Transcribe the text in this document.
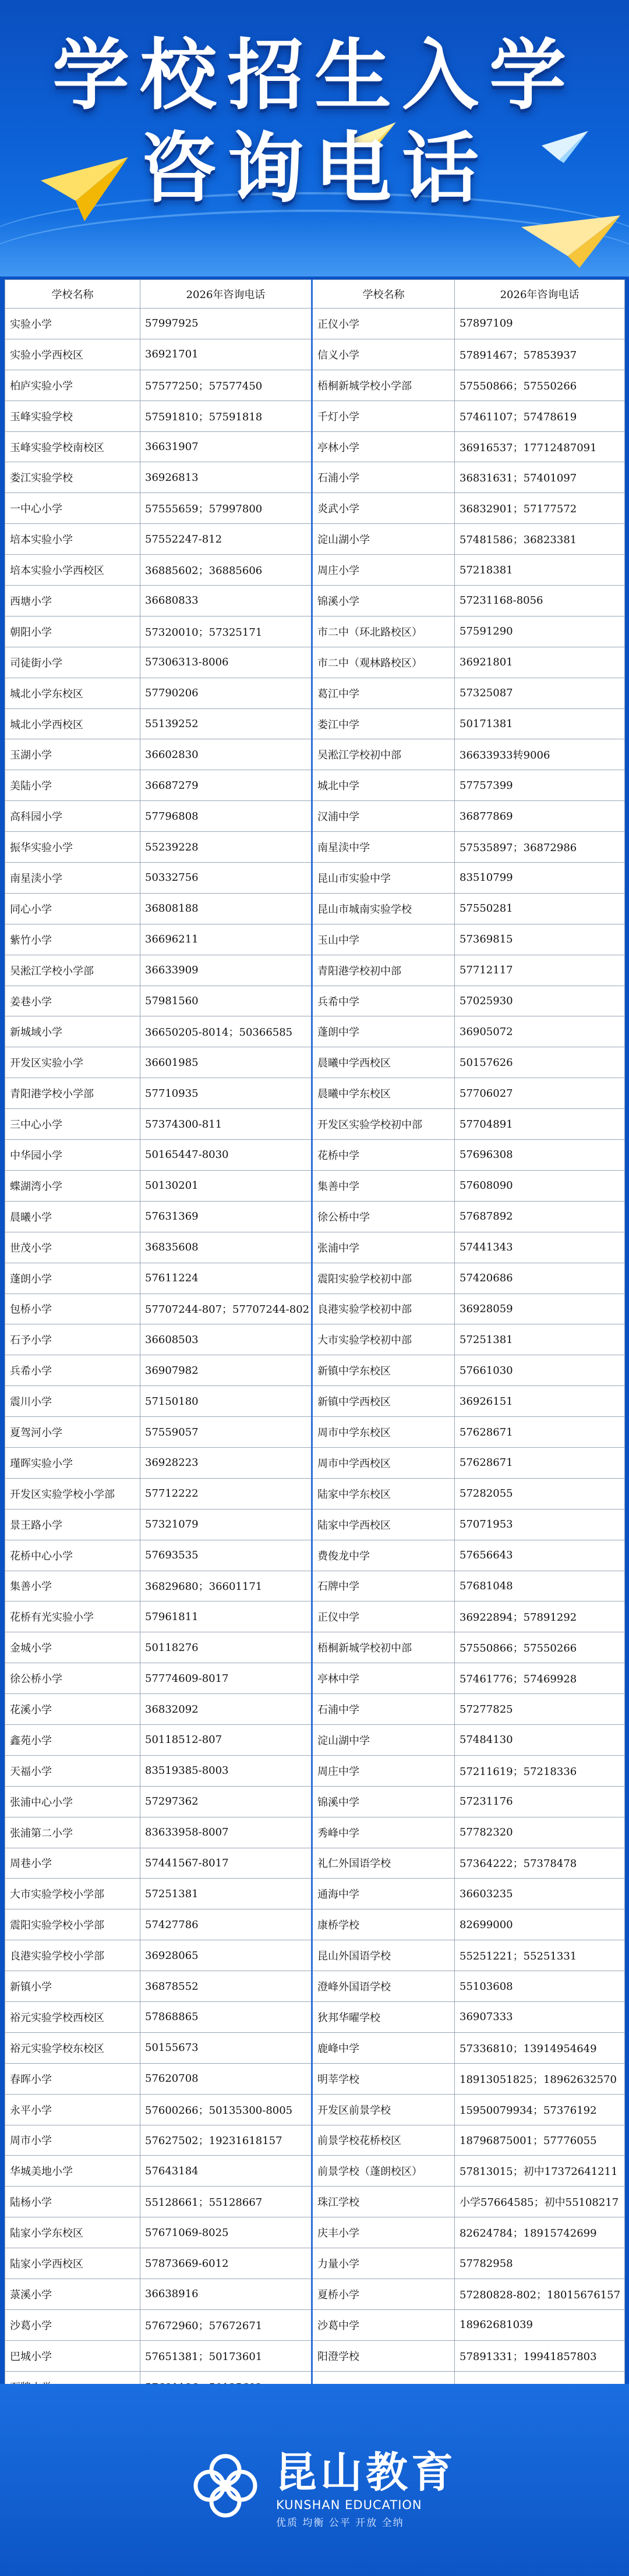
学校招生入学
咨询电话
学校名称	2026年咨询电话	学校名称	2026年咨询电话
实验小学	57997925	正仪小学	57897109
实验小学西校区	36921701	信义小学	57891467；57853937
柏庐实验小学	57577250；57577450	梧桐新城学校小学部	57550866；57550266
玉峰实验学校	57591810；57591818	千灯小学	57461107；57478619
玉峰实验学校南校区	36631907	亭林小学	36916537；17712487091
娄江实验学校	36926813	石浦小学	36831631；57401097
一中心小学	57555659；57997800	炎武小学	36832901；57177572
培本实验小学	57552247-812	淀山湖小学	57481586；36823381
培本实验小学西校区	36885602；36885606	周庄小学	57218381
西塘小学	36680833	锦溪小学	57231168-8056
朝阳小学	57320010；57325171	市二中（环北路校区）	57591290
司徒街小学	57306313-8006	市二中（观林路校区）	36921801
城北小学东校区	57790206	葛江中学	57325087
城北小学西校区	55139252	娄江中学	50171381
玉湖小学	36602830	吴淞江学校初中部	36633933转9006
美陆小学	36687279	城北中学	57757399
高科园小学	57796808	汉浦中学	36877869
振华实验小学	55239228	南星渎中学	57535897；36872986
南星渎小学	50332756	昆山市实验中学	83510799
同心小学	36808188	昆山市城南实验学校	57550281
紫竹小学	36696211	玉山中学	57369815
吴淞江学校小学部	36633909	青阳港学校初中部	57712117
姜巷小学	57981560	兵希中学	57025930
新城域小学	36650205-8014；50366585	蓬朗中学	36905072
开发区实验小学	36601985	晨曦中学西校区	50157626
青阳港学校小学部	57710935	晨曦中学东校区	57706027
三中心小学	57374300-811	开发区实验学校初中部	57704891
中华园小学	50165447-8030	花桥中学	57696308
蝶湖湾小学	50130201	集善中学	57608090
晨曦小学	57631369	徐公桥中学	57687892
世茂小学	36835608	张浦中学	57441343
蓬朗小学	57611224	震阳实验学校初中部	57420686
包桥小学	57707244-807；57707244-802	良港实验学校初中部	36928059
石予小学	36608503	大市实验学校初中部	57251381
兵希小学	36907982	新镇中学东校区	57661030
震川小学	57150180	新镇中学西校区	36926151
夏驾河小学	57559057	周市中学东校区	57628671
瑾晖实验小学	36928223	周市中学西校区	57628671
开发区实验学校小学部	57712222	陆家中学东校区	57282055
景王路小学	57321079	陆家中学西校区	57071953
花桥中心小学	57693535	费俊龙中学	57656643
集善小学	36829680；36601171	石牌中学	57681048
花桥有光实验小学	57961811	正仪中学	36922894；57891292
金城小学	50118276	梧桐新城学校初中部	57550866；57550266
徐公桥小学	57774609-8017	亭林中学	57461776；57469928
花溪小学	36832092	石浦中学	57277825
鑫苑小学	50118512-807	淀山湖中学	57484130
天福小学	83519385-8003	周庄中学	57211619；57218336
张浦中心小学	57297362	锦溪中学	57231176
张浦第二小学	83633958-8007	秀峰中学	57782320
周巷小学	57441567-8017	礼仁外国语学校	57364222；57378478
大市实验学校小学部	57251381	通海中学	36603235
震阳实验学校小学部	57427786	康桥学校	82699000
良港实验学校小学部	36928065	昆山外国语学校	55251221；55251331
新镇小学	36878552	澄峰外国语学校	55103608
裕元实验学校西校区	57868865	狄邦华曜学校	36907333
裕元实验学校东校区	50155673	鹿峰中学	57336810；13914954649
春晖小学	57620708	明莘学校	18913051825；18962632570
永平小学	57600266；50135300-8005	开发区前景学校	15950079934；57376192
周市小学	57627502；19231618157	前景学校花桥校区	18796875001；57776055
华城美地小学	57643184	前景学校（蓬朗校区）	57813015；初中17372641211
陆杨小学	55128661；55128667	珠江学校	小学57664585；初中55108217
陆家小学东校区	57671069-8025	庆丰小学	82624784；18915742699
陆家小学西校区	57873669-6012	力量小学	57782958
菉溪小学	36638916	夏桥小学	57280828-802；18015676157
沙葛小学	57672960；57672671	沙葛中学	18962681039
巴城小学	57651381；50173601	阳澄学校	57891331；19941857803

昆山教育
KUNSHAN EDUCATION
优质 均衡 公平 开放 全纳
